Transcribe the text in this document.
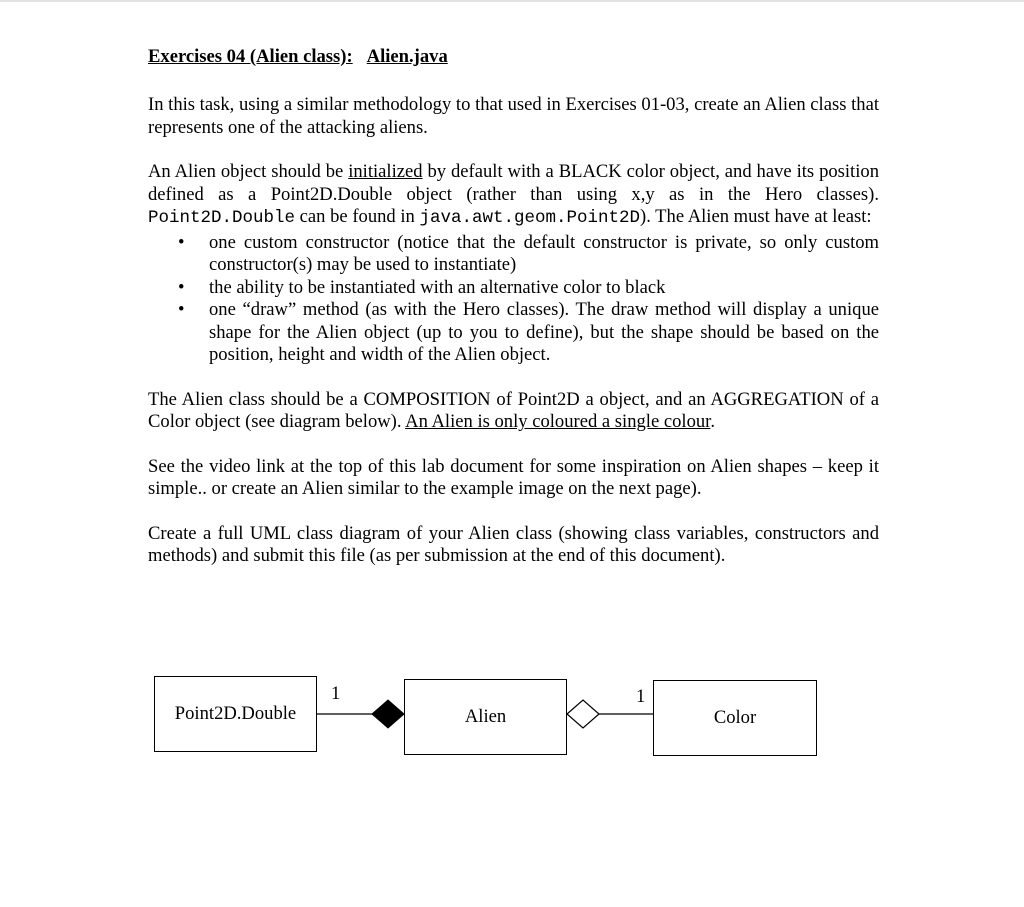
Exercises 04 (Alien class): Alien.java

In this task, using a similar methodology to that used in Exercises 01-03, create an Alien class that represents one of the attacking aliens.

An Alien object should be initialized by default with a BLACK color object, and have its position defined as a Point2D.Double object (rather than using x,y as in the Hero classes). Point2D.Double can be found in java.awt.geom.Point2D). The Alien must have at least:

• one custom constructor (notice that the default constructor is private, so only custom constructor(s) may be used to instantiate)
• the ability to be instantiated with an alternative color to black
• one “draw” method (as with the Hero classes). The draw method will display a unique shape for the Alien object (up to you to define), but the shape should be based on the position, height and width of the Alien object.

The Alien class should be a COMPOSITION of Point2D a object, and an AGGREGATION of a Color object (see diagram below). An Alien is only coloured a single colour.

See the video link at the top of this lab document for some inspiration on Alien shapes – keep it simple.. or create an Alien similar to the example image on the next page).

Create a full UML class diagram of your Alien class (showing class variables, constructors and methods) and submit this file (as per submission at the end of this document).

Point2D.Double	Alien	Color
1	1
